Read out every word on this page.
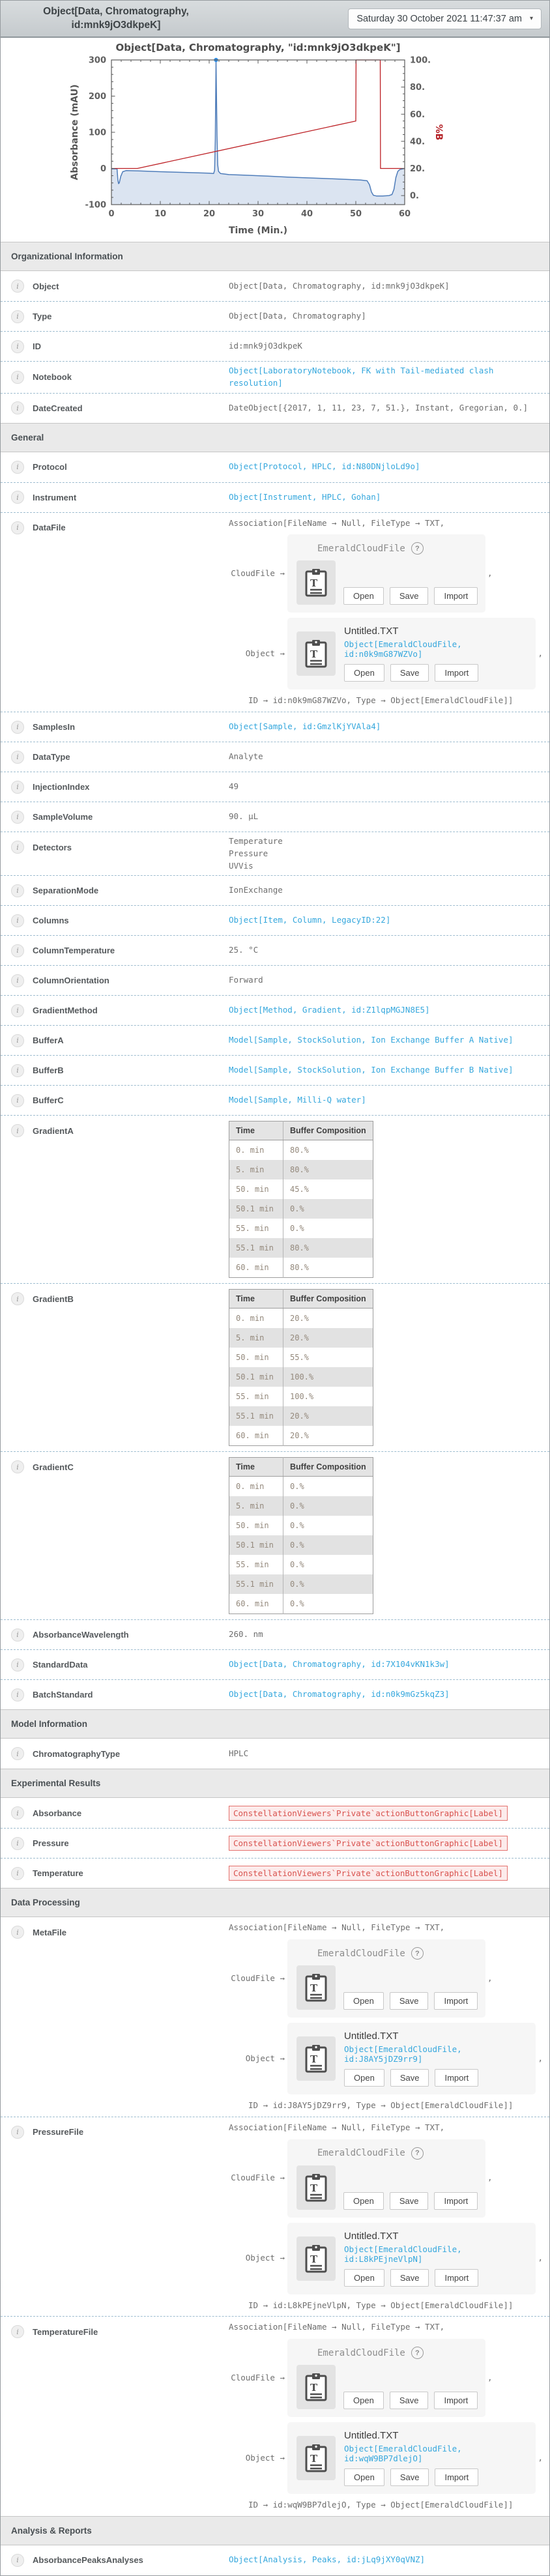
Object[Data, Chromatography, id:mnk9jO3dkpeK]
Saturday 30 October 2021 11:47:37 am ▾
0	10	20	30	40	50	60
-100
0
100
200
300
0.
20.
40.
60.
80.
100.
Object[Data, Chromatography, "id:mnk9jO3dkpeK"]
Time (Min.)
Absorbance (mAU)	%B
Organizational Information
i	Object	Object[Data, Chromatography, id:mnk9jO3dkpeK]
i	Type	Object[Data, Chromatography]
i	ID	id:mnk9jO3dkpeK
i	Notebook
Object[LaboratoryNotebook, FK with Tail-mediated clash resolution]
i	DateCreated	DateObject[{2017, 1, 11, 23, 7, 51.}, Instant, Gregorian, 0.]
General
i	Protocol	Object[Protocol, HPLC, id:N80DNjloLd9o]
i	Instrument	Object[Instrument, HPLC, Gohan]
i	DataFile	Association[FileName → Null, FileType → TXT,
CloudFile →
EmeraldCloudFile	?
T
Open	Save	Import
,
Object →	T
Untitled.TXT
Object[EmeraldCloudFile, id:n0k9mG87WZVo]
Open	Save	Import
,
ID → id:n0k9mG87WZVo, Type → Object[EmeraldCloudFile]]
i	SamplesIn	Object[Sample, id:GmzlKjYVAla4]
i	DataType	Analyte
i	InjectionIndex	49
i	SampleVolume	90. μL
i	Detectors
Temperature
Pressure
UVVis
i	SeparationMode	IonExchange
i	Columns	Object[Item, Column, LegacyID:22]
i	ColumnTemperature	25. °C
i	ColumnOrientation	Forward
i	GradientMethod	Object[Method, Gradient, id:Z1lqpMGJN8E5]
i	BufferA	Model[Sample, StockSolution, Ion Exchange Buffer A Native]
i	BufferB	Model[Sample, StockSolution, Ion Exchange Buffer B Native]
i	BufferC	Model[Sample, Milli-Q water]
i	GradientA	Time	Buffer Composition
0. min	80.%
5. min	80.%
50. min	45.%
50.1 min	0.%
55. min	0.%
55.1 min	80.%
60. min	80.%
i	GradientB	Time	Buffer Composition
0. min	20.%
5. min	20.%
50. min	55.%
50.1 min	100.%
55. min	100.%
55.1 min	20.%
60. min	20.%
i	GradientC	Time	Buffer Composition
0. min	0.%
5. min	0.%
50. min	0.%
50.1 min	0.%
55. min	0.%
55.1 min	0.%
60. min	0.%
i	AbsorbanceWavelength	260. nm
i	StandardData	Object[Data, Chromatography, id:7X104vKN1k3w]
i	BatchStandard	Object[Data, Chromatography, id:n0k9mGz5kqZ3]
Model Information
i	ChromatographyType	HPLC
Experimental Results
i	Absorbance	ConstellationViewers`Private`actionButtonGraphic[Label]
i	Pressure	ConstellationViewers`Private`actionButtonGraphic[Label]
i	Temperature	ConstellationViewers`Private`actionButtonGraphic[Label]
Data Processing
i	MetaFile	Association[FileName → Null, FileType → TXT,
CloudFile →
EmeraldCloudFile	?
T
Open	Save	Import
,
Object →	T
Untitled.TXT
Object[EmeraldCloudFile, id:J8AY5jDZ9rr9]
Open	Save	Import
,
ID → id:J8AY5jDZ9rr9, Type → Object[EmeraldCloudFile]]
i	PressureFile	Association[FileName → Null, FileType → TXT,
CloudFile →
EmeraldCloudFile	?
T
Open	Save	Import
,
Object →	T
Untitled.TXT
Object[EmeraldCloudFile, id:L8kPEjneVlpN]
Open	Save	Import
,
ID → id:L8kPEjneVlpN, Type → Object[EmeraldCloudFile]]
i	TemperatureFile	Association[FileName → Null, FileType → TXT,
CloudFile →
EmeraldCloudFile	?
T
Open	Save	Import
,
Object →	T
Untitled.TXT
Object[EmeraldCloudFile, id:wqW9BP7dlejO]
Open	Save	Import
,
ID → id:wqW9BP7dlejO, Type → Object[EmeraldCloudFile]]
Analysis & Reports
i	AbsorbancePeaksAnalyses	Object[Analysis, Peaks, id:jLq9jXY0qVNZ]
